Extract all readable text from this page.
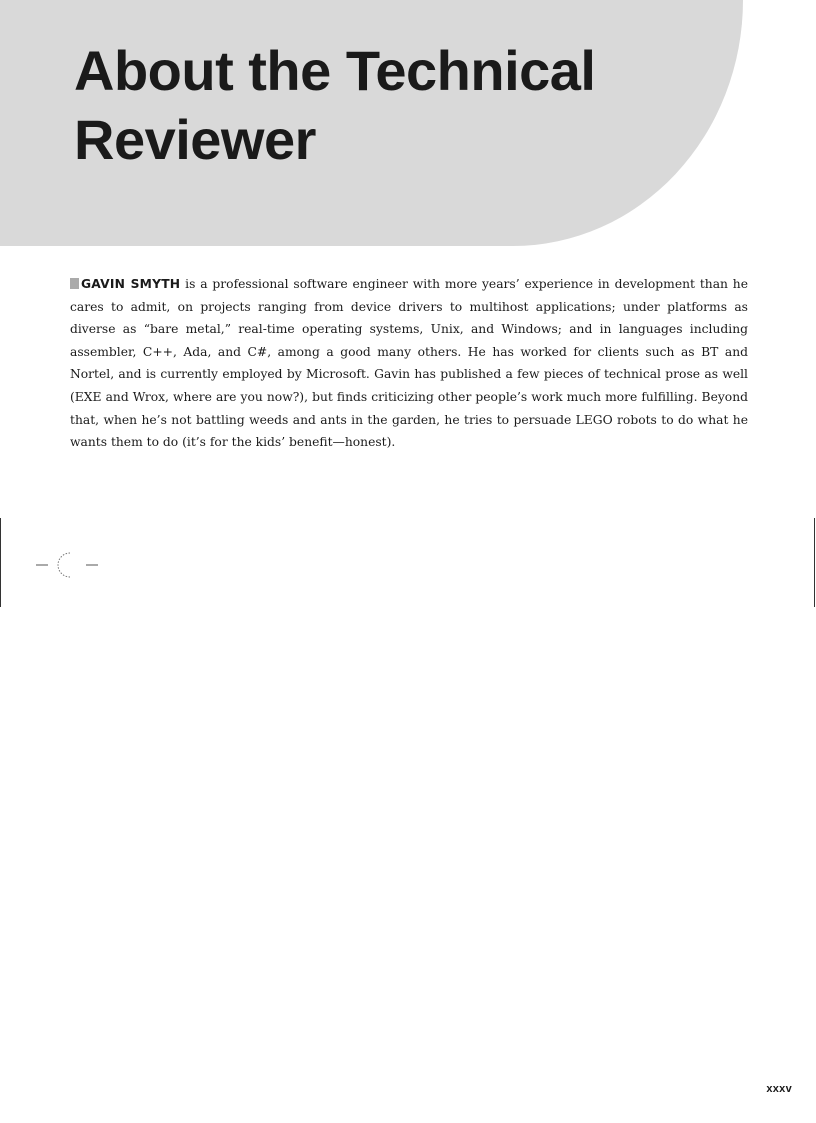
About the Technical
Reviewer

GAVIN SMYTH is a professional software engineer with more years’ experience in development than he cares to admit, on projects ranging from device drivers to multihost applications; under platforms as diverse as “bare metal,” real-time operating systems, Unix, and Windows; and in languages including assembler, C++, Ada, and C#, among a good many others. He has worked for clients such as BT and Nortel, and is currently employed by Microsoft. Gavin has published a few pieces of technical prose as well (EXE and Wrox, where are you now?), but finds criticizing other people’s work much more fulfilling. Beyond that, when he’s not battling weeds and ants in the garden, he tries to persuade LEGO robots to do what he wants them to do (it’s for the kids’ benefit—honest).

xxxv
